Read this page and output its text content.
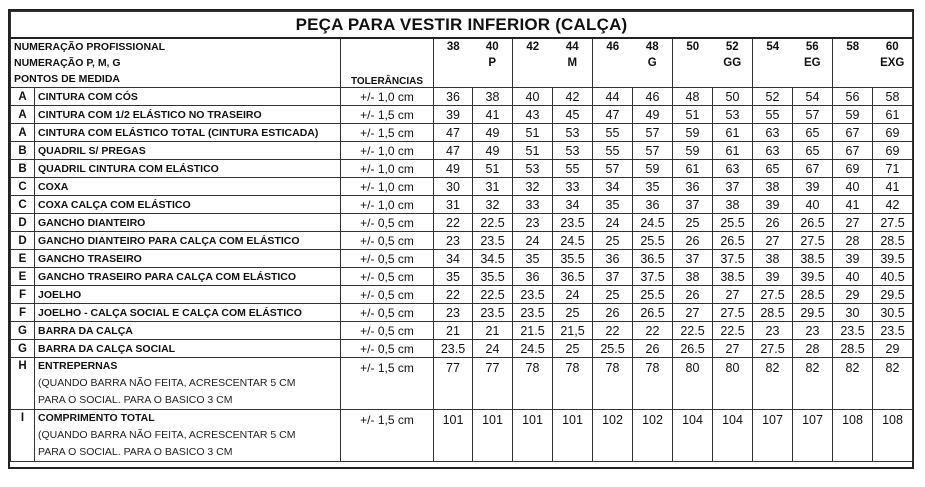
PEÇA PARA VESTIR INFERIOR (CALÇA)														
NUMERAÇÃO PROFISSIONAL		TOLERÂNCIAS	38	40	42	44	46	48	50	52	54	56	58	60
NUMERAÇÃO P, M, G				P		M		G		GG		EG		EXG
PONTOS DE MEDIDA														
A	CINTURA COM CÓS	+/- 1,0 cm	36	38	40	42	44	46	48	50	52	54	56	58
A	CINTURA COM 1/2 ELÁSTICO NO TRASEIRO	+/- 1,5 cm	39	41	43	45	47	49	51	53	55	57	59	61
A	CINTURA COM ELÁSTICO TOTAL (CINTURA ESTICADA)	+/- 1,5 cm	47	49	51	53	55	57	59	61	63	65	67	69
B	QUADRIL S/ PREGAS	+/- 1,0 cm	47	49	51	53	55	57	59	61	63	65	67	69
B	QUADRIL CINTURA COM ELÁSTICO	+/- 1,0 cm	49	51	53	55	57	59	61	63	65	67	69	71
C	COXA	+/- 1,0 cm	30	31	32	33	34	35	36	37	38	39	40	41
C	COXA CALÇA COM ELÁSTICO	+/- 1,0 cm	31	32	33	34	35	36	37	38	39	40	41	42
D	GANCHO DIANTEIRO	+/- 0,5 cm	22	22.5	23	23.5	24	24.5	25	25.5	26	26.5	27	27.5
D	GANCHO DIANTEIRO PARA CALÇA COM ELÁSTICO	+/- 0,5 cm	23	23.5	24	24.5	25	25.5	26	26.5	27	27.5	28	28.5
E	GANCHO TRASEIRO	+/- 0,5 cm	34	34.5	35	35.5	36	36.5	37	37.5	38	38.5	39	39.5
E	GANCHO TRASEIRO PARA CALÇA COM ELÁSTICO	+/- 0,5 cm	35	35.5	36	36.5	37	37.5	38	38.5	39	39.5	40	40.5
F	JOELHO	+/- 0,5 cm	22	22.5	23.5	24	25	25.5	26	27	27.5	28.5	29	29.5
F	JOELHO - CALÇA SOCIAL E CALÇA COM ELÁSTICO	+/- 0,5 cm	23	23.5	23.5	25	26	26.5	27	27.5	28.5	29.5	30	30.5
G	BARRA DA CALÇA	+/- 0,5 cm	21	21	21.5	21,5	22	22	22.5	22.5	23	23	23.5	23.5
G	BARRA DA CALÇA SOCIAL	+/- 0,5 cm	23.5	24	24.5	25	25.5	26	26.5	27	27.5	28	28.5	29
H	ENTREPERNAS
(QUANDO BARRA NÃO FEITA, ACRESCENTAR 5 CM
PARA O SOCIAL. PARA O BASICO 3 CM	+/- 1,5 cm	77	77	78	78	78	78	80	80	82	82	82	82
I	COMPRIMENTO TOTAL
(QUANDO BARRA NÃO FEITA, ACRESCENTAR 5 CM
PARA O SOCIAL. PARA O BASICO 3 CM	+/- 1,5 cm	101	101	101	101	102	102	104	104	107	107	108	108
